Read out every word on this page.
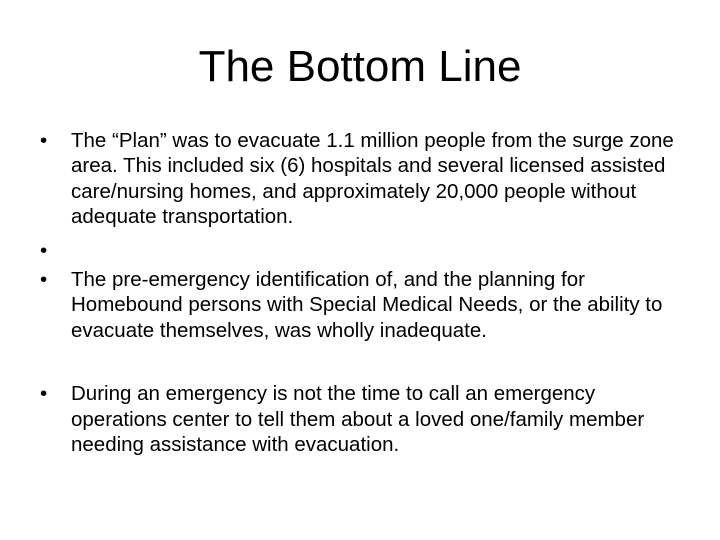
The Bottom Line
• The “Plan” was to evacuate 1.1 million people from the surge zone area. This included six (6) hospitals and several licensed assisted care/nursing homes, and approximately 20,000 people without adequate transportation.
•
• The pre-emergency identification of, and the planning for Homebound persons with Special Medical Needs, or the ability to evacuate themselves, was wholly inadequate.
• During an emergency is not the time to call an emergency operations center to tell them about a loved one/family member needing assistance with evacuation.
